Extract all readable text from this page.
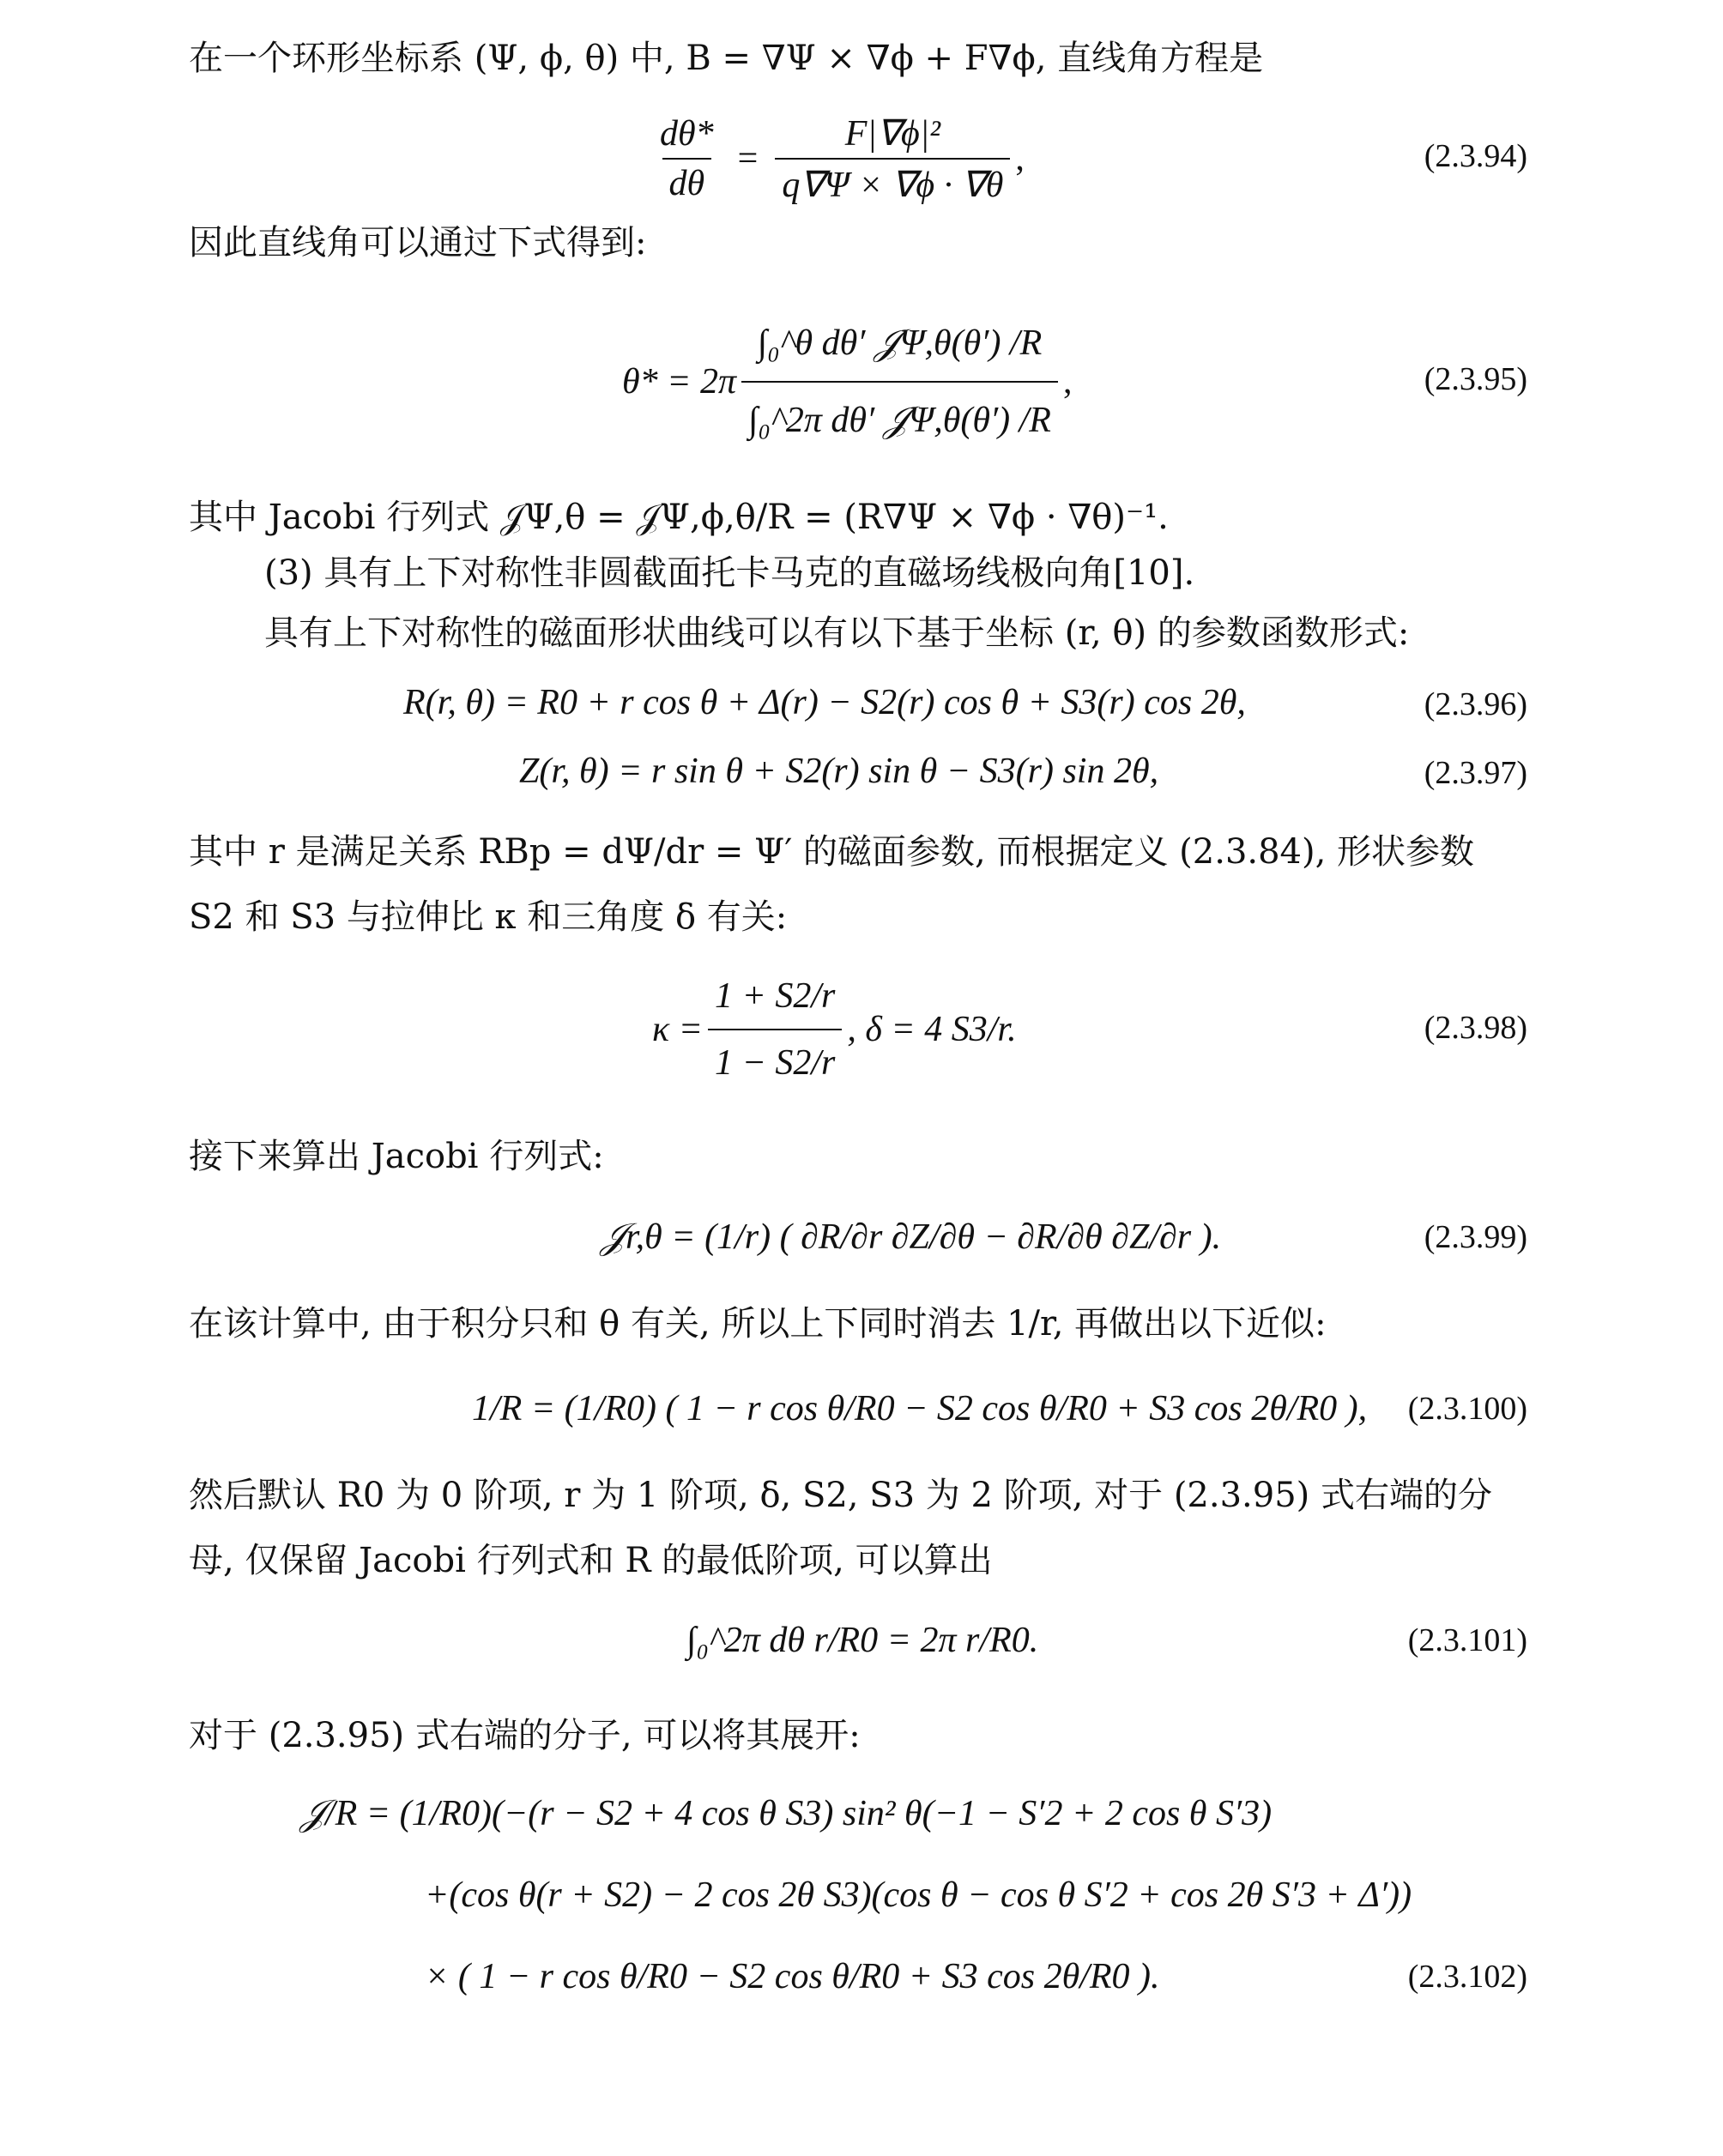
在一个环形坐标系 (Ψ, ϕ, θ) 中, B = ∇Ψ × ∇ϕ + F∇ϕ, 直线角方程是
$\frac{d\theta*}{d\theta} = \frac{\text{F|∇ϕ|²}}{q\nabla\Psi \times \nabla\phi \cdot \nabla\theta}$ ,	(2.3.94)
因此直线角可以通过下式得到:
$\theta* = 2\pi \frac{\text{∫₀\textasciicircum{}θ dθ′ 𝒥Ψ,θ(θ′) /R}}{\text{∫₀\textasciicircum{}2π dθ′ 𝒥Ψ,θ(θ′) /R}}$ ,	(2.3.95)
其中 Jacobi 行列式 𝒥Ψ,θ = 𝒥Ψ,ϕ,θ/R = (R∇Ψ × ∇ϕ · ∇θ)⁻¹.
(3) 具有上下对称性非圆截面托卡马克的直磁场线极向角[10].
具有上下对称性的磁面形状曲线可以有以下基于坐标 (r, θ) 的参数函数形式:
R(r, θ) = R0 + r cos θ + Δ(r) − S2(r) cos θ + S3(r) cos 2θ,	(2.3.96)
Z(r, θ) = r sin θ + S2(r) sin θ − S3(r) sin 2θ,	(2.3.97)
其中 r 是满足关系 RBp = dΨ/dr = Ψ′ 的磁面参数, 而根据定义 (2.3.84), 形状参数 S2 和 S3 与拉伸比 κ 和三角度 δ 有关:
$\kappa = \frac{1 + S2/r}{1 - S2/r}$ , δ = 4 S3/r.	(2.3.98)
接下来算出 Jacobi 行列式:
𝒥r,θ = (1/r) ( ∂R/∂r ∂Z/∂θ − ∂R/∂θ ∂Z/∂r ).	(2.3.99)
在该计算中, 由于积分只和 θ 有关, 所以上下同时消去 1/r, 再做出以下近似:
1/R = (1/R0) ( 1 − r cos θ/R0 − S2 cos θ/R0 + S3 cos 2θ/R0 ), (2.3.100)
然后默认 R0 为 0 阶项, r 为 1 阶项, δ, S2, S3 为 2 阶项, 对于 (2.3.95) 式右端的分母, 仅保留 Jacobi 行列式和 R 的最低阶项, 可以算出
∫₀^2π dθ r/R0 = 2π r/R0.	(2.3.101)
对于 (2.3.95) 式右端的分子, 可以将其展开:
𝒥/R = (1/R0)(−(r − S2 + 4 cos θ S3) sin² θ(−1 − S′2 + 2 cos θ S′3)
+(cos θ(r + S2) − 2 cos 2θ S3)(cos θ − cos θ S′2 + cos 2θ S′3 + Δ′))
× ( 1 − r cos θ/R0 − S2 cos θ/R0 + S3 cos 2θ/R0 ).	(2.3.102)
